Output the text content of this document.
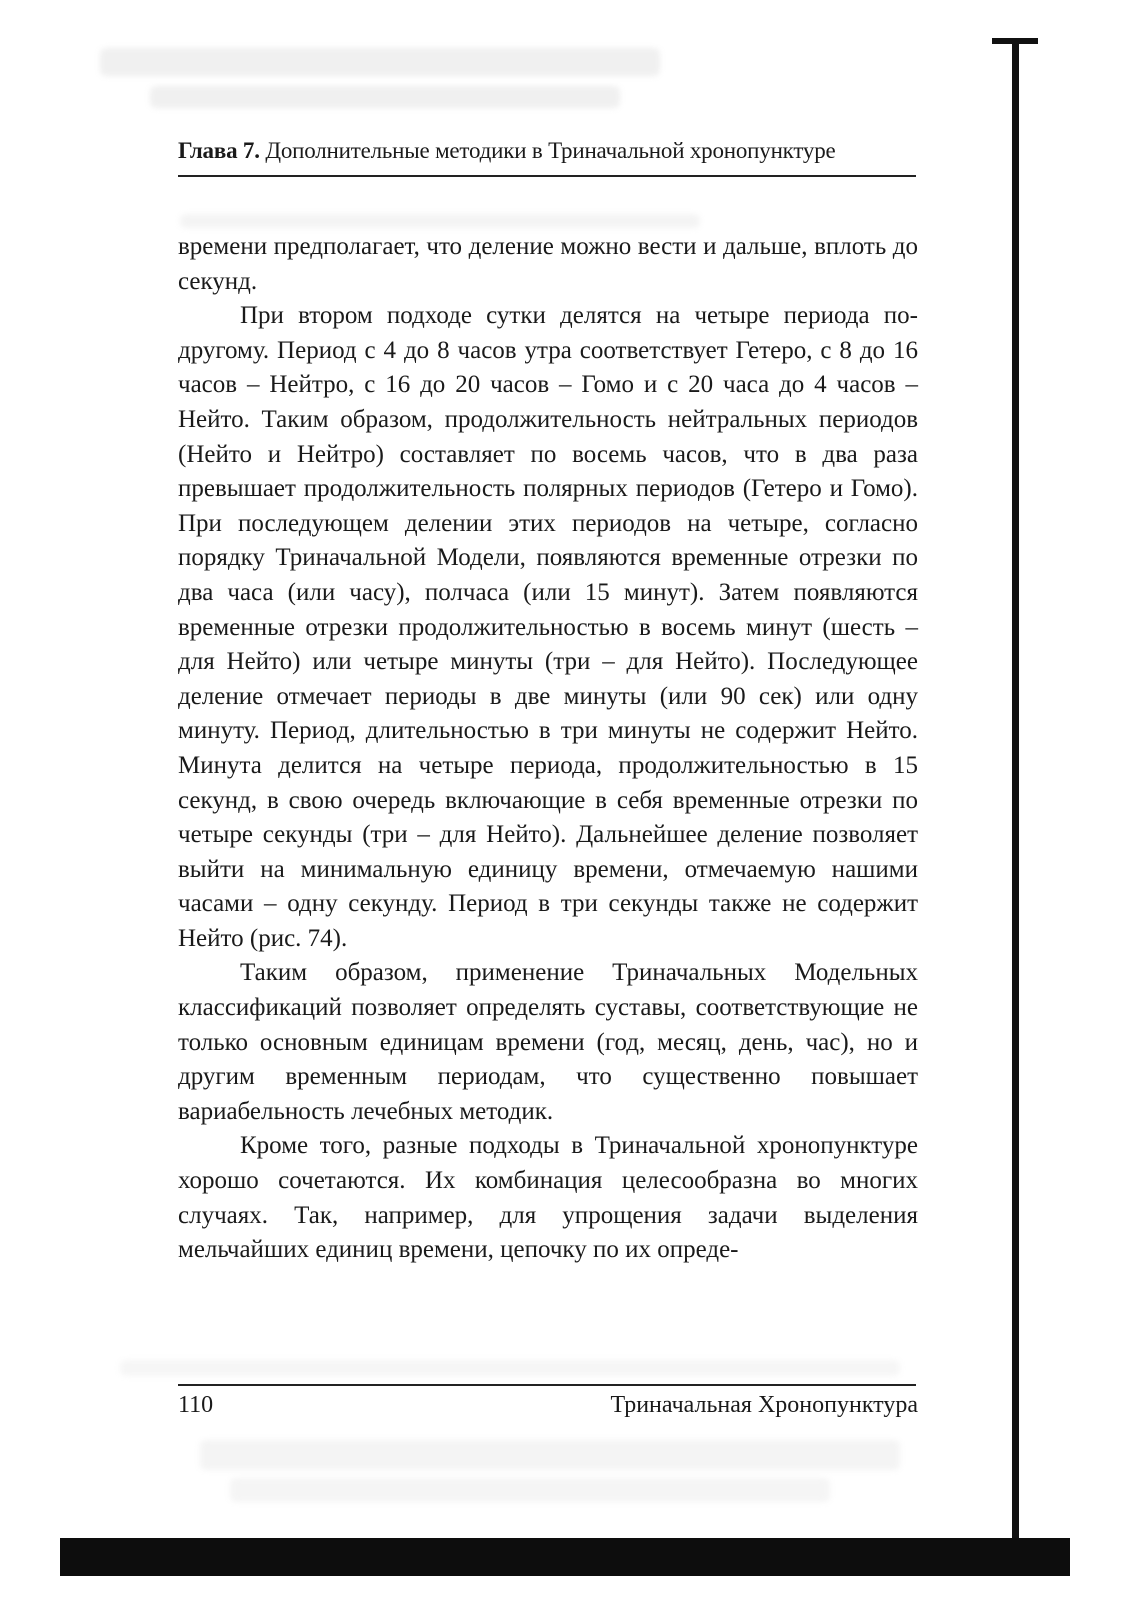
Глава 7. Дополнительные методики в Триначальной хронопунктуре

времени предполагает, что деление можно вести и дальше, вплоть до секунд.

При втором подходе сутки делятся на четыре периода по-другому. Период с 4 до 8 часов утра соответствует Гетеро, с 8 до 16 часов – Нейтро, с 16 до 20 часов – Гомо и с 20 часа до 4 часов – Нейто. Таким образом, продолжительность нейтральных периодов (Нейто и Нейтро) составляет по восемь часов, что в два раза превышает продолжительность полярных периодов (Гетеро и Гомо). При последующем делении этих периодов на четыре, согласно порядку Триначальной Модели, появляются временные отрезки по два часа (или часу), полчаса (или 15 минут). Затем появляются временные отрезки продолжительностью в восемь минут (шесть – для Нейто) или четыре минуты (три – для Нейто). Последующее деление отмечает периоды в две минуты (или 90 сек) или одну минуту. Период, длительностью в три минуты не содержит Нейто. Минута делится на четыре периода, продолжительностью в 15 секунд, в свою очередь включающие в себя временные отрезки по четыре секунды (три – для Нейто). Дальнейшее деление позволяет выйти на минимальную единицу времени, отмечаемую нашими часами – одну секунду. Период в три секунды также не содержит Нейто (рис. 74).

Таким образом, применение Триначальных Модельных классификаций позволяет определять суставы, соответствующие не только основным единицам времени (год, месяц, день, час), но и другим временным периодам, что существенно повышает вариабельность лечебных методик.

Кроме того, разные подходы в Триначальной хронопунктуре хорошо сочетаются. Их комбинация целесообразна во многих случаях. Так, например, для упрощения задачи выделения мельчайших единиц времени, цепочку по их опреде-

110	Триначальная Хронопунктура
